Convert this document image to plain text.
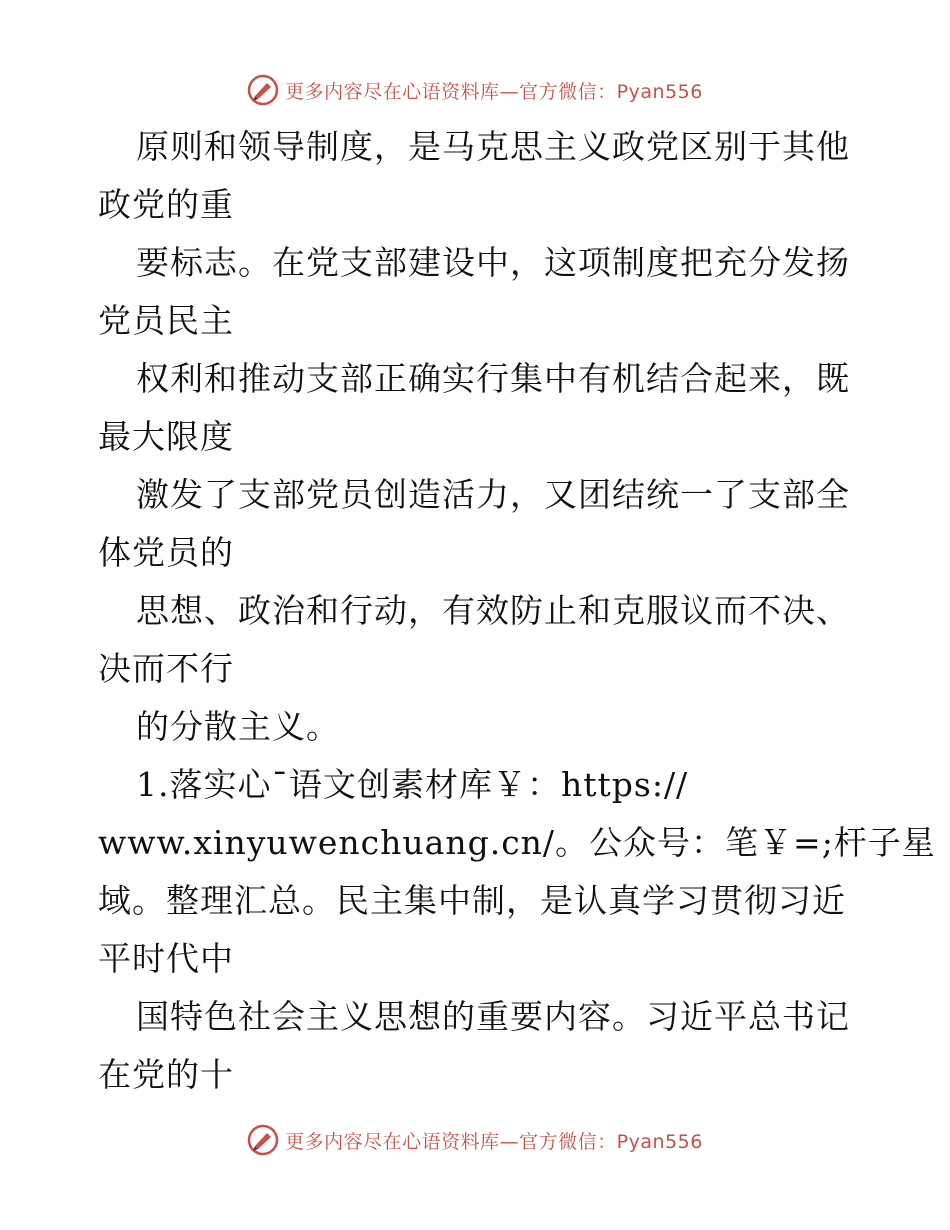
更多内容尽在心语资料库—官方微信：Pyan556
原则和领导制度，是马克思主义政党区别于其他
政党的重
要标志。在党支部建设中，这项制度把充分发扬
党员民主
权利和推动支部正确实行集中有机结合起来，既
最大限度
激发了支部党员创造活力，又团结统一了支部全
体党员的
思想、政治和行动，有效防止和克服议而不决、
决而不行
的分散主义。
1.落实心¯语文创素材库￥：https://
www.xinyuwenchuang.cn/。公众号：笔￥=;杆子星
域。整理汇总。民主集中制，是认真学习贯彻习近
平时代中
国特色社会主义思想的重要内容。习近平总书记
在党的十
更多内容尽在心语资料库—官方微信：Pyan556
